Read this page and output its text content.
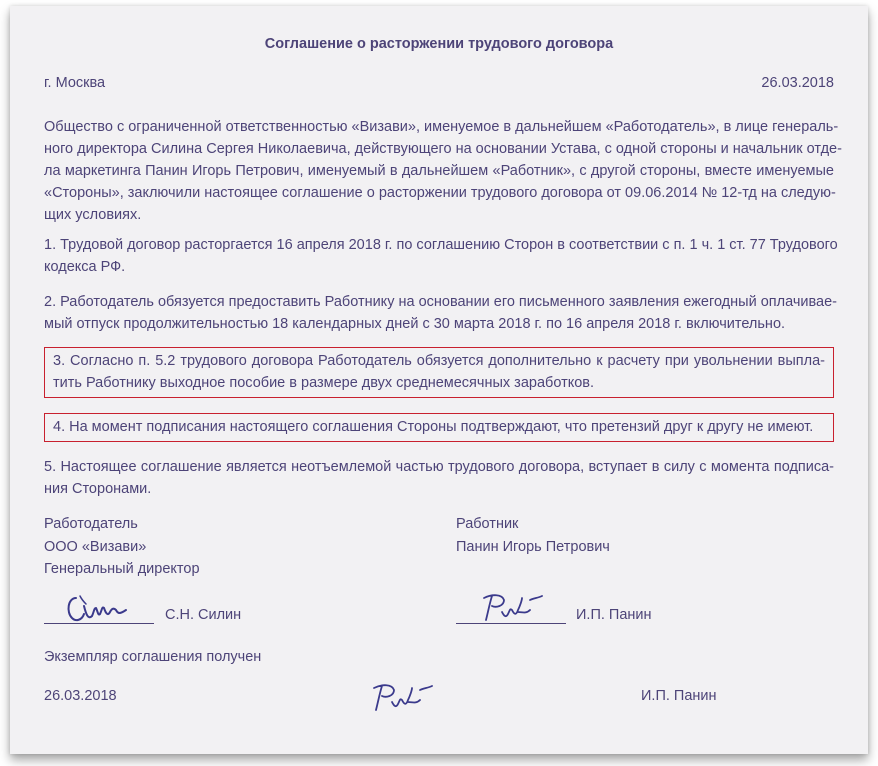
Соглашение о расторжении трудового договора
г. Москва	26.03.2018
Общество с ограниченной ответственностью «Визави», именуемое в дальнейшем «Работодатель», в лице генераль-
ного директора Силина Сергея Николаевича, действующего на основании Устава, с одной стороны и начальник отде-
ла маркетинга Панин Игорь Петрович, именуемый в дальнейшем «Работник», с другой стороны, вместе именуемые
«Стороны», заключили настоящее соглашение о расторжении трудового договора от 09.06.2014 № 12-тд на следую-
щих условиях.
1. Трудовой договор расторгается 16 апреля 2018 г. по соглашению Сторон в соответствии с п. 1 ч. 1 ст. 77 Трудового
кодекса РФ.
2. Работодатель обязуется предоставить Работнику на основании его письменного заявления ежегодный оплачивае-
мый отпуск продолжительностью 18 календарных дней с 30 марта 2018 г. по 16 апреля 2018 г. включительно.
3. Согласно п. 5.2 трудового договора Работодатель обязуется дополнительно к расчету при увольнении выпла-
тить Работнику выходное пособие в размере двух среднемесячных заработков.
4. На момент подписания настоящего соглашения Стороны подтверждают, что претензий друг к другу не имеют.
5. Настоящее соглашение является неотъемлемой частью трудового договора, вступает в силу с момента подписа-
ния Сторонами.
Работодатель
ООО «Визави»
Генеральный директор
Работник
Панин Игорь Петрович
С.Н. Силин	И.П. Панин
Экземпляр соглашения получен
26.03.2018	И.П. Панин
